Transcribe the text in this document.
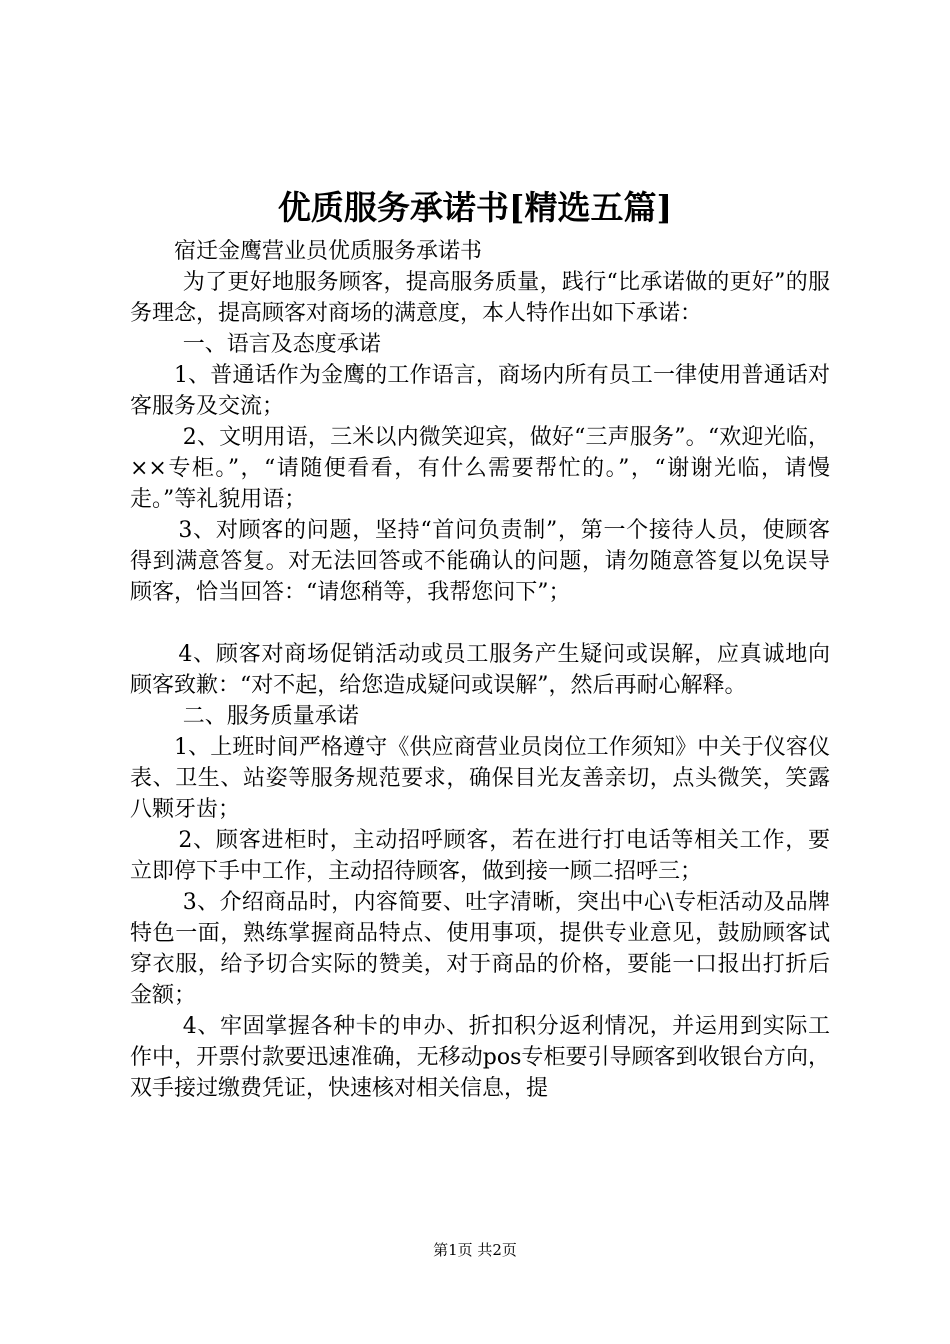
优质服务承诺书[精选五篇]

宿迁金鹰营业员优质服务承诺书

为了更好地服务顾客，提高服务质量，践行“比承诺做的更好”的服务理念，提高顾客对商场的满意度，本人特作出如下承诺：

一、语言及态度承诺

1、普通话作为金鹰的工作语言，商场内所有员工一律使用普通话对客服务及交流；

2、文明用语，三米以内微笑迎宾，做好“三声服务”。“欢迎光临，××专柜。”，“请随便看看，有什么需要帮忙的。”，“谢谢光临，请慢走。”等礼貌用语；

3、对顾客的问题，坚持“首问负责制”，第一个接待人员，使顾客得到满意答复。对无法回答或不能确认的问题，请勿随意答复以免误导顾客，恰当回答：“请您稍等，我帮您问下”；

4、顾客对商场促销活动或员工服务产生疑问或误解，应真诚地向顾客致歉：“对不起，给您造成疑问或误解”，然后再耐心解释。

二、服务质量承诺

1、上班时间严格遵守《供应商营业员岗位工作须知》中关于仪容仪表、卫生、站姿等服务规范要求，确保目光友善亲切，点头微笑，笑露八颗牙齿；

2、顾客进柜时，主动招呼顾客，若在进行打电话等相关工作，要立即停下手中工作，主动招待顾客，做到接一顾二招呼三；

3、介绍商品时，内容简要、吐字清晰，突出中心\专柜活动及品牌特色一面，熟练掌握商品特点、使用事项，提供专业意见，鼓励顾客试穿衣服，给予切合实际的赞美，对于商品的价格，要能一口报出打折后金额；

4、牢固掌握各种卡的申办、折扣积分返利情况，并运用到实际工作中，开票付款要迅速准确，无移动pos专柜要引导顾客到收银台方向，双手接过缴费凭证，快速核对相关信息，提

第1页 共2页
